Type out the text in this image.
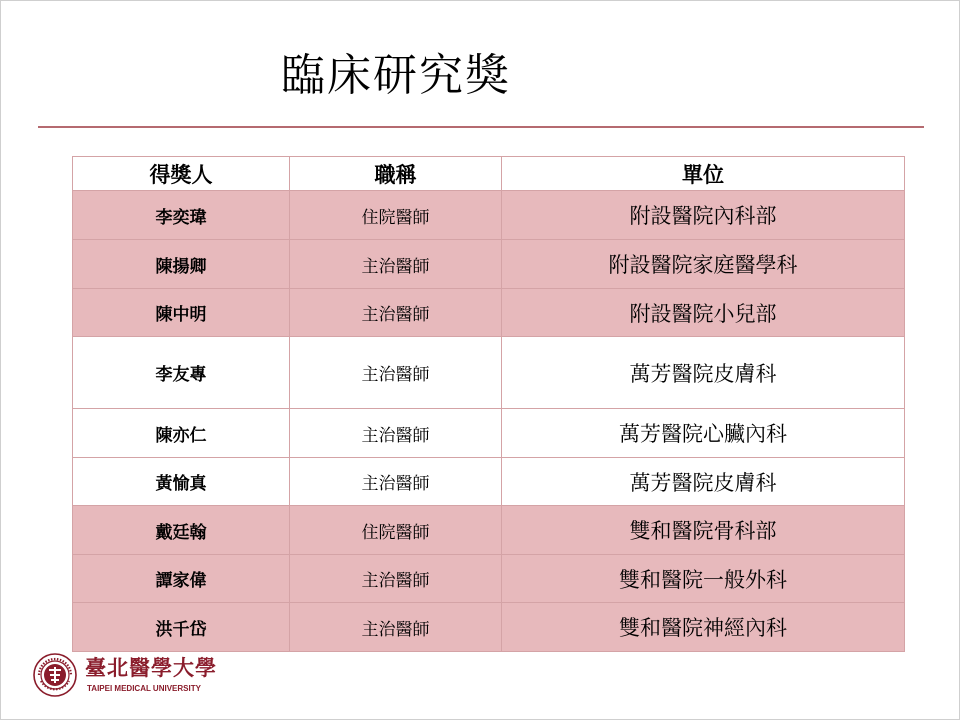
臨床研究獎
得獎人	職稱	單位
李奕瑋	住院醫師	附設醫院內科部
陳揚卿	主治醫師	附設醫院家庭醫學科
陳中明	主治醫師	附設醫院小兒部
李友專	主治醫師	萬芳醫院皮膚科
陳亦仁	主治醫師	萬芳醫院心臟內科
黃愉真	主治醫師	萬芳醫院皮膚科
戴廷翰	住院醫師	雙和醫院骨科部
譚家偉	主治醫師	雙和醫院一般外科
洪千岱	主治醫師	雙和醫院神經內科
臺北醫學大學
TAIPEI MEDICAL UNIVERSITY
